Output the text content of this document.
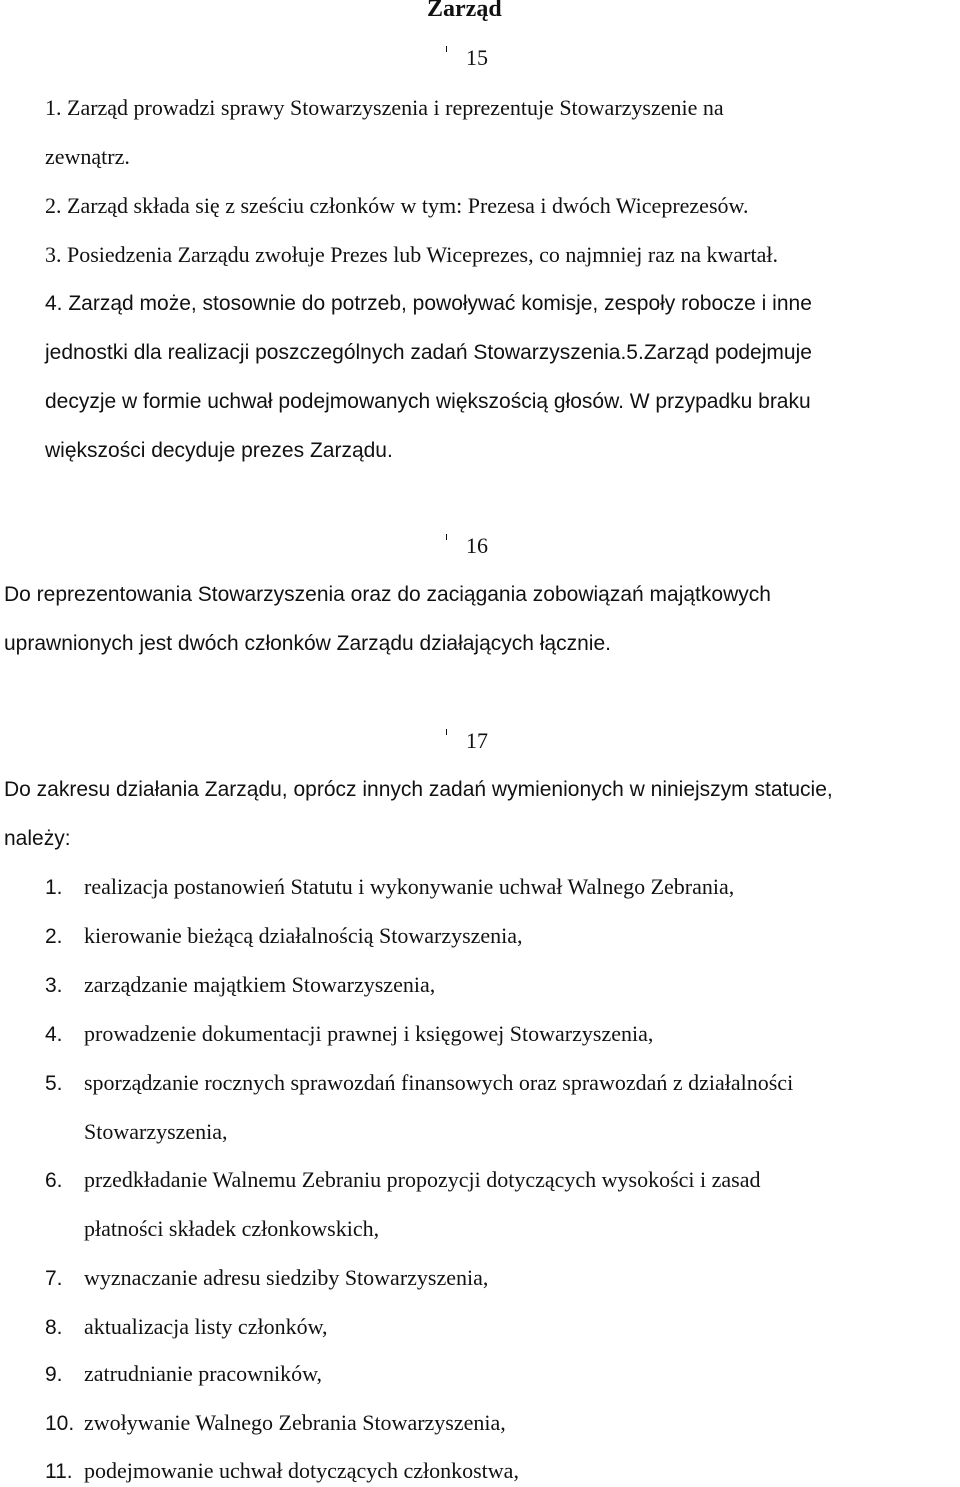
Zarząd
15
1. Zarząd prowadzi sprawy Stowarzyszenia i reprezentuje Stowarzyszenie na
zewnątrz.
2. Zarząd składa się z sześciu członków w tym: Prezesa i dwóch Wiceprezesów.
3. Posiedzenia Zarządu zwołuje Prezes lub Wiceprezes, co najmniej raz na kwartał.
4. Zarząd może, stosownie do potrzeb, powoływać komisje, zespoły robocze i inne
jednostki dla realizacji poszczególnych zadań Stowarzyszenia.5.Zarząd podejmuje
decyzje w formie uchwał podejmowanych większością głosów. W przypadku braku
większości decyduje prezes Zarządu.
16
Do reprezentowania Stowarzyszenia oraz do zaciągania zobowiązań majątkowych
uprawnionych jest dwóch członków Zarządu działających łącznie.
17
Do zakresu działania Zarządu, oprócz innych zadań wymienionych w niniejszym statucie,
należy:
1. realizacja postanowień Statutu i wykonywanie uchwał Walnego Zebrania,
2. kierowanie bieżącą działalnością Stowarzyszenia,
3. zarządzanie majątkiem Stowarzyszenia,
4. prowadzenie dokumentacji prawnej i księgowej Stowarzyszenia,
5. sporządzanie rocznych sprawozdań finansowych oraz sprawozdań z działalności
Stowarzyszenia,
6. przedkładanie Walnemu Zebraniu propozycji dotyczących wysokości i zasad
płatności składek członkowskich,
7. wyznaczanie adresu siedziby Stowarzyszenia,
8. aktualizacja listy członków,
9. zatrudnianie pracowników,
10. zwoływanie Walnego Zebrania Stowarzyszenia,
11. podejmowanie uchwał dotyczących członkostwa,
